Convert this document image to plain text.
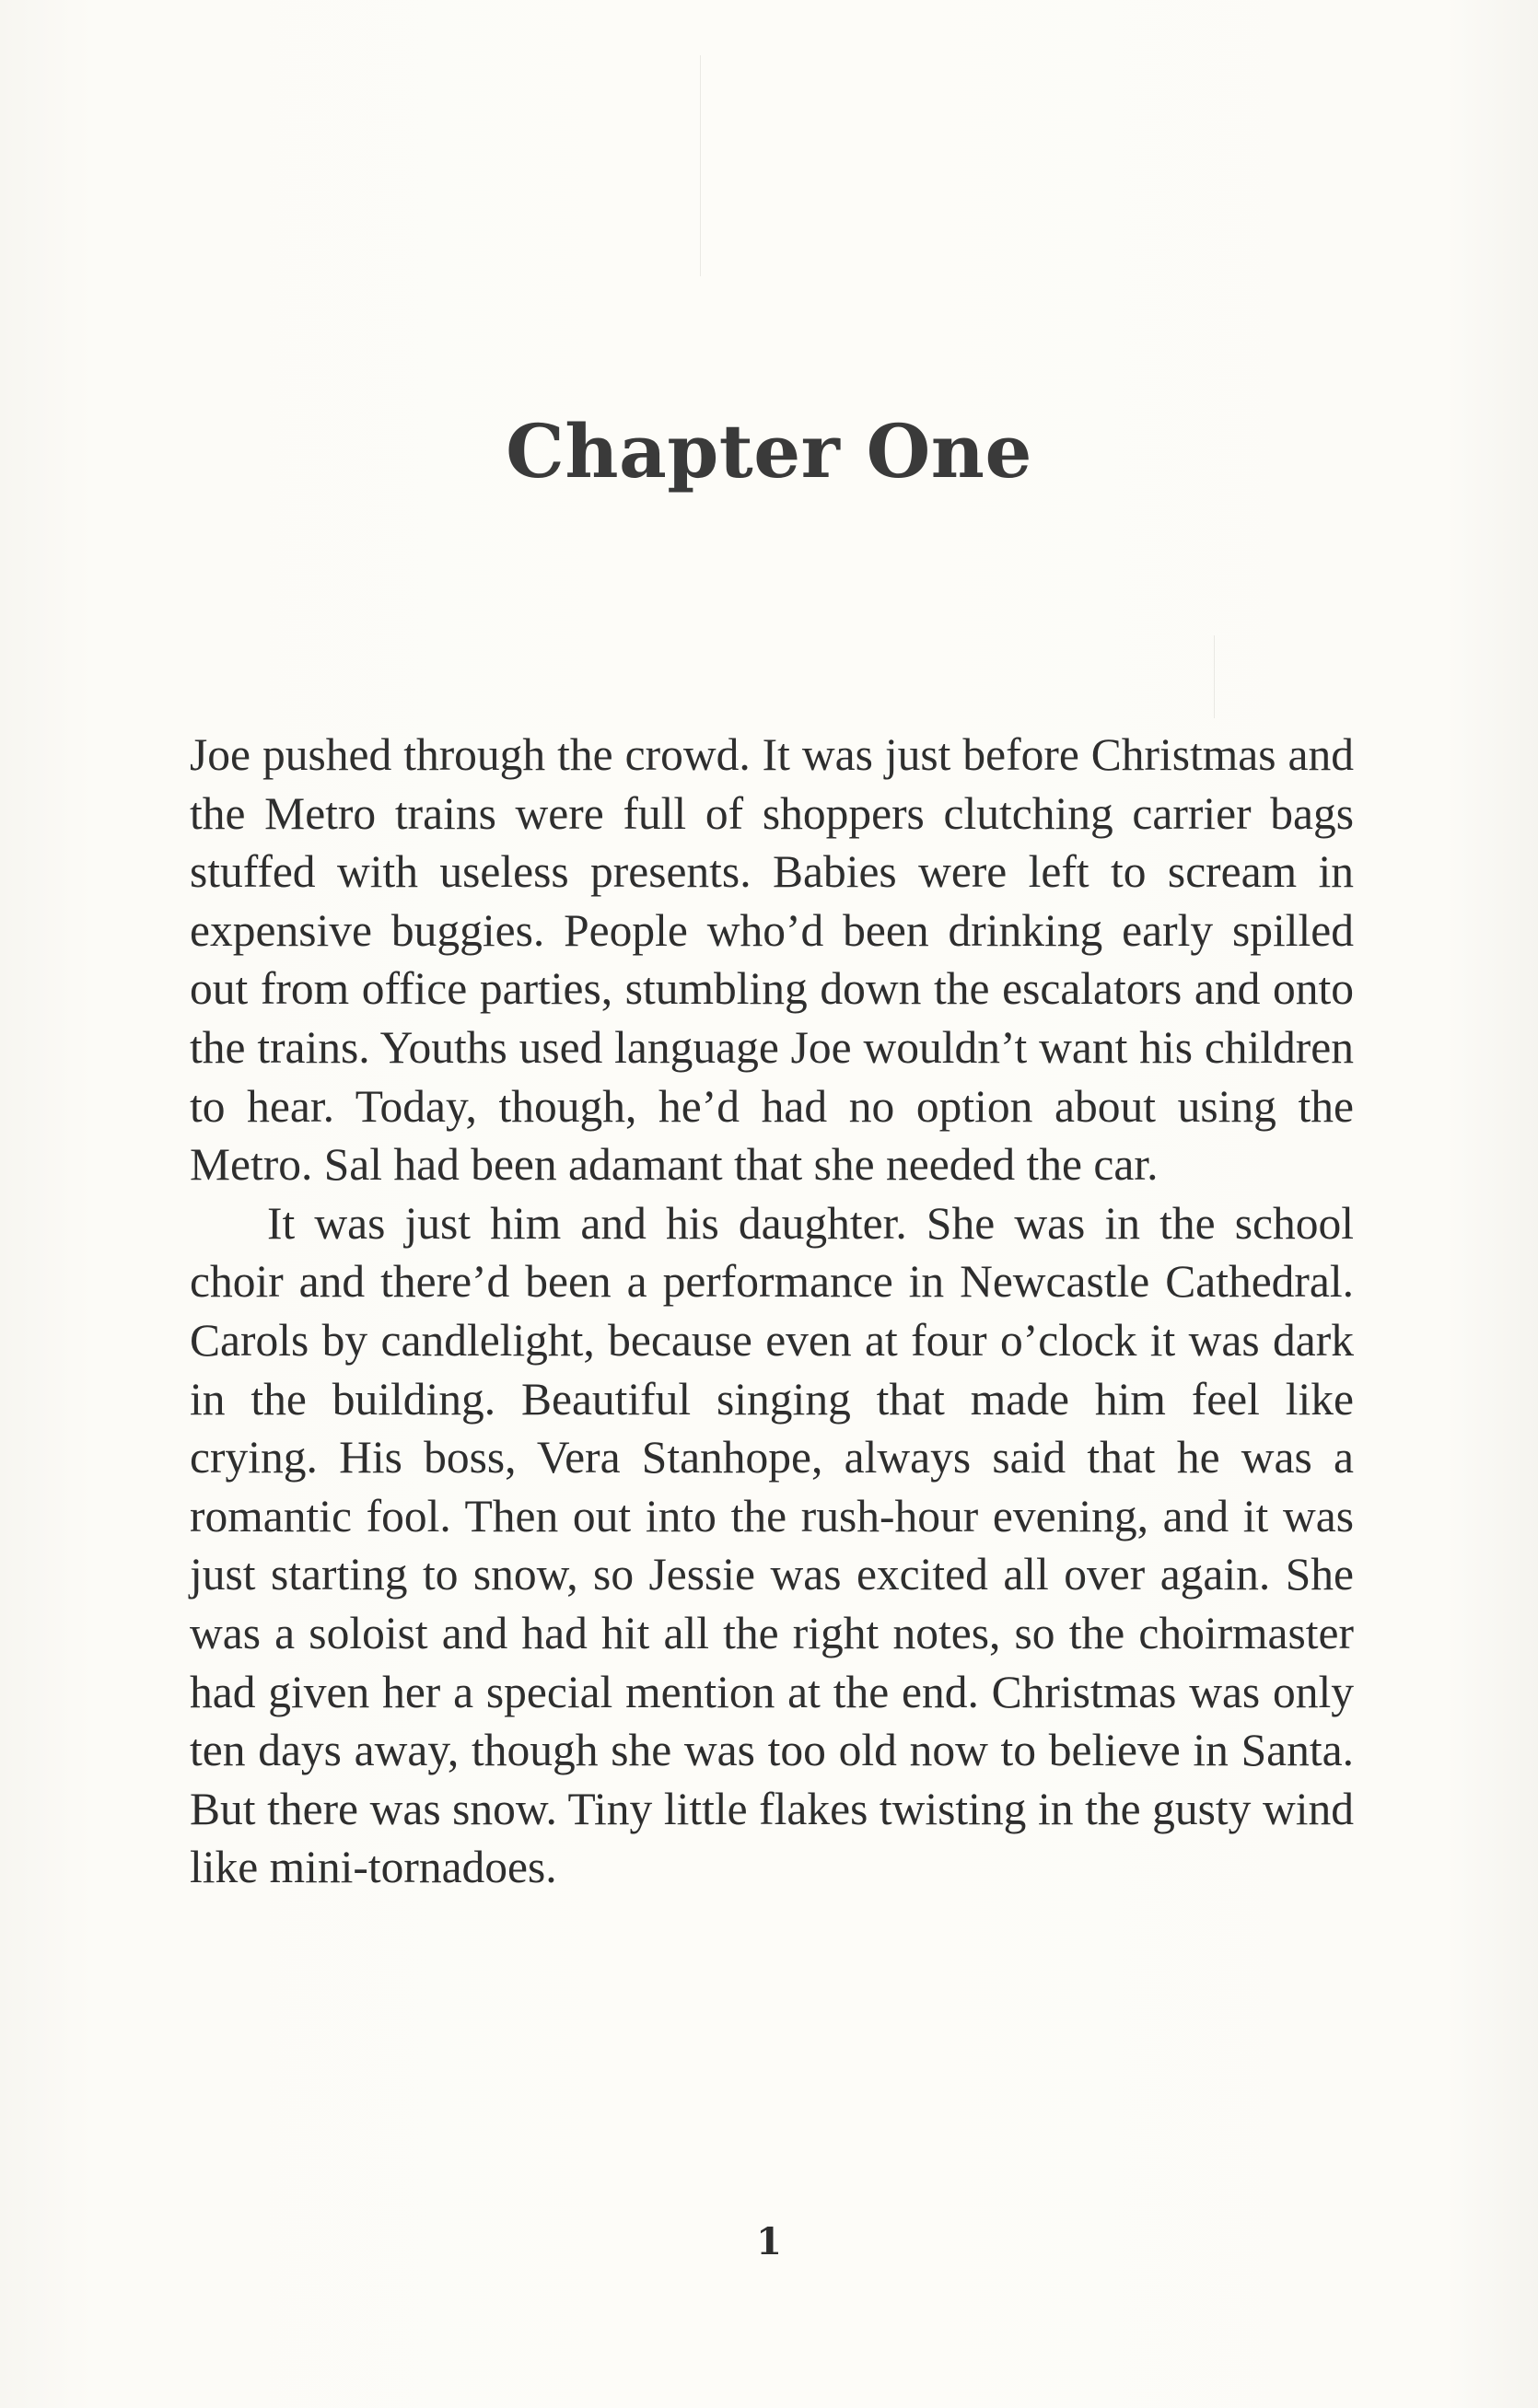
Chapter One

Joe pushed through the crowd. It was just before Christmas and the Metro trains were full of shoppers clutching carrier bags stuffed with useless presents. Babies were left to scream in expensive buggies. People who’d been drinking early spilled out from office parties, stumbling down the escalators and onto the trains. Youths used language Joe wouldn’t want his children to hear. Today, though, he’d had no option about using the Metro. Sal had been adamant that she needed the car.

It was just him and his daughter. She was in the school choir and there’d been a performance in Newcastle Cathedral. Carols by candlelight, because even at four o’clock it was dark in the building. Beautiful singing that made him feel like crying. His boss, Vera Stanhope, always said that he was a romantic fool. Then out into the rush-hour evening, and it was just starting to snow, so Jessie was excited all over again. She was a soloist and had hit all the right notes, so the choirmaster had given her a special mention at the end. Christmas was only ten days away, though she was too old now to believe in Santa. But there was snow. Tiny little flakes twisting in the gusty wind like mini-tornadoes.

1
